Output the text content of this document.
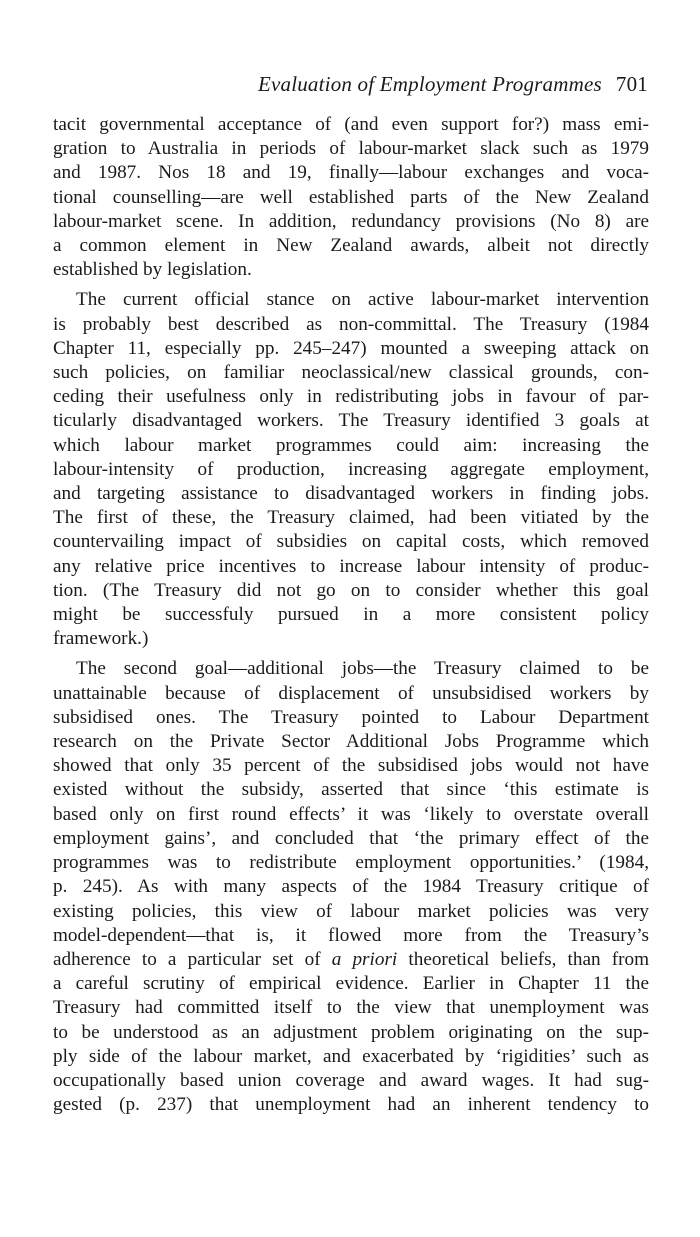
Evaluation of Employment Programmes 701

tacit governmental acceptance of (and even support for?) mass emi-
gration to Australia in periods of labour-market slack such as 1979
and 1987. Nos 18 and 19, finally—labour exchanges and voca-
tional counselling—are well established parts of the New Zealand
labour-market scene. In addition, redundancy provisions (No 8) are
a common element in New Zealand awards, albeit not directly
established by legislation.

The current official stance on active labour-market intervention
is probably best described as non-committal. The Treasury (1984
Chapter 11, especially pp. 245–247) mounted a sweeping attack on
such policies, on familiar neoclassical/new classical grounds, con-
ceding their usefulness only in redistributing jobs in favour of par-
ticularly disadvantaged workers. The Treasury identified 3 goals at
which labour market programmes could aim: increasing the
labour-intensity of production, increasing aggregate employment,
and targeting assistance to disadvantaged workers in finding jobs.
The first of these, the Treasury claimed, had been vitiated by the
countervailing impact of subsidies on capital costs, which removed
any relative price incentives to increase labour intensity of produc-
tion. (The Treasury did not go on to consider whether this goal
might be successfuly pursued in a more consistent policy
framework.)

The second goal—additional jobs—the Treasury claimed to be
unattainable because of displacement of unsubsidised workers by
subsidised ones. The Treasury pointed to Labour Department
research on the Private Sector Additional Jobs Programme which
showed that only 35 percent of the subsidised jobs would not have
existed without the subsidy, asserted that since ‘this estimate is
based only on first round effects’ it was ‘likely to overstate overall
employment gains’, and concluded that ‘the primary effect of the
programmes was to redistribute employment opportunities.’ (1984,
p. 245). As with many aspects of the 1984 Treasury critique of
existing policies, this view of labour market policies was very
model-dependent—that is, it flowed more from the Treasury’s
adherence to a particular set of a priori theoretical beliefs, than from
a careful scrutiny of empirical evidence. Earlier in Chapter 11 the
Treasury had committed itself to the view that unemployment was
to be understood as an adjustment problem originating on the sup-
ply side of the labour market, and exacerbated by ‘rigidities’ such as
occupationally based union coverage and award wages. It had sug-
gested (p. 237) that unemployment had an inherent tendency to
